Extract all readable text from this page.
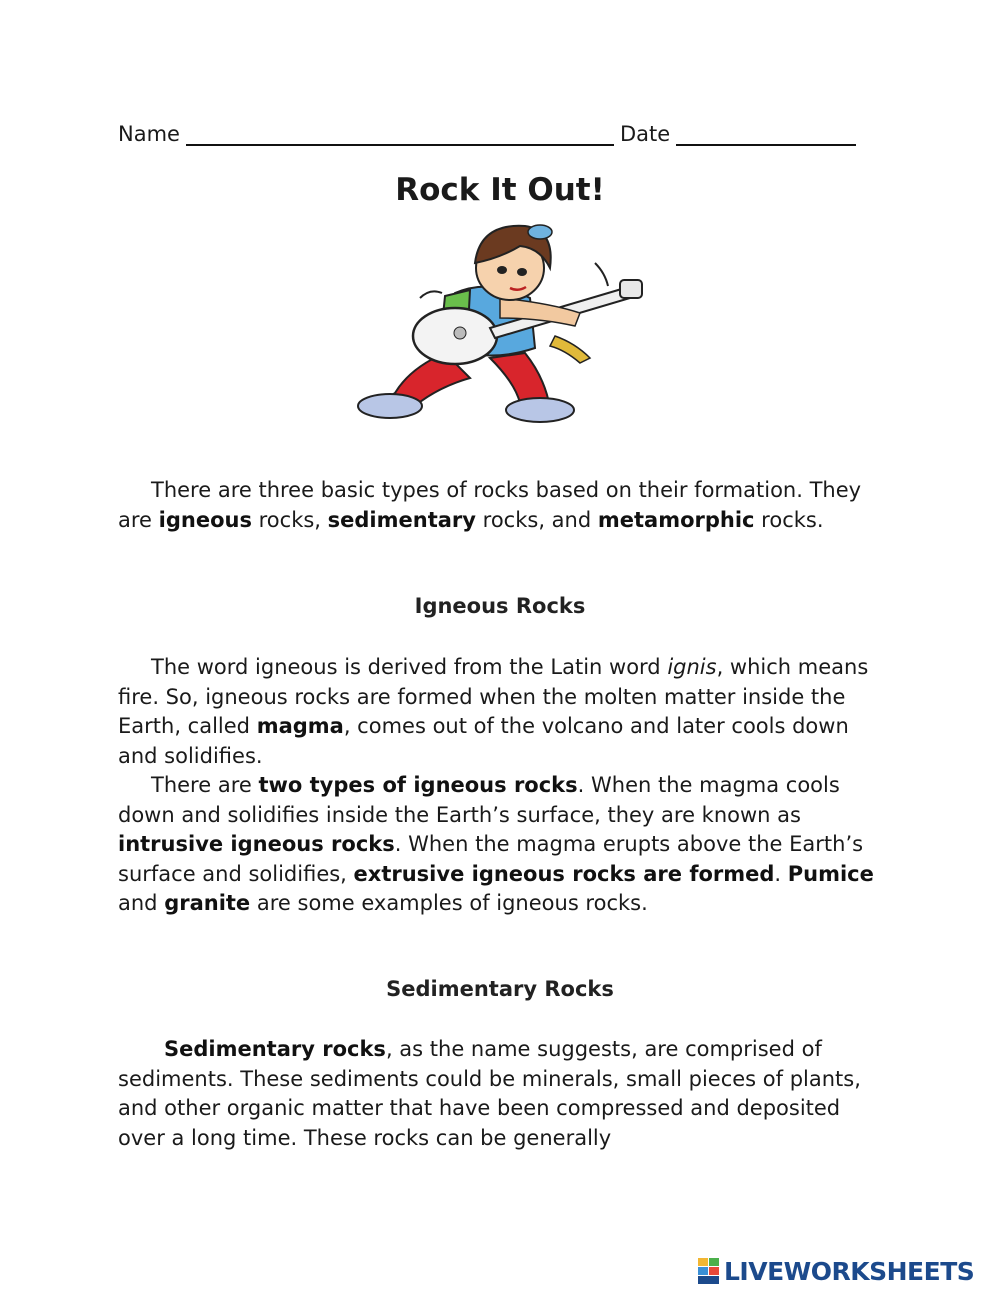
Name	Date
Rock It Out!

There are three basic types of rocks based on their formation. They are igneous rocks, sedimentary rocks, and metamorphic rocks.

Igneous Rocks

The word igneous is derived from the Latin word ignis, which means fire. So, igneous rocks are formed when the molten matter inside the Earth, called magma, comes out of the volcano and later cools down and solidifies.

There are two types of igneous rocks. When the magma cools down and solidifies inside the Earth’s surface, they are known as intrusive igneous rocks. When the magma erupts above the Earth’s surface and solidifies, extrusive igneous rocks are formed. Pumice and granite are some examples of igneous rocks.

Sedimentary Rocks

Sedimentary rocks, as the name suggests, are comprised of sediments. These sediments could be minerals, small pieces of plants, and other organic matter that have been compressed and deposited over a long time. These rocks can be generally

LIVEWORKSHEETS
